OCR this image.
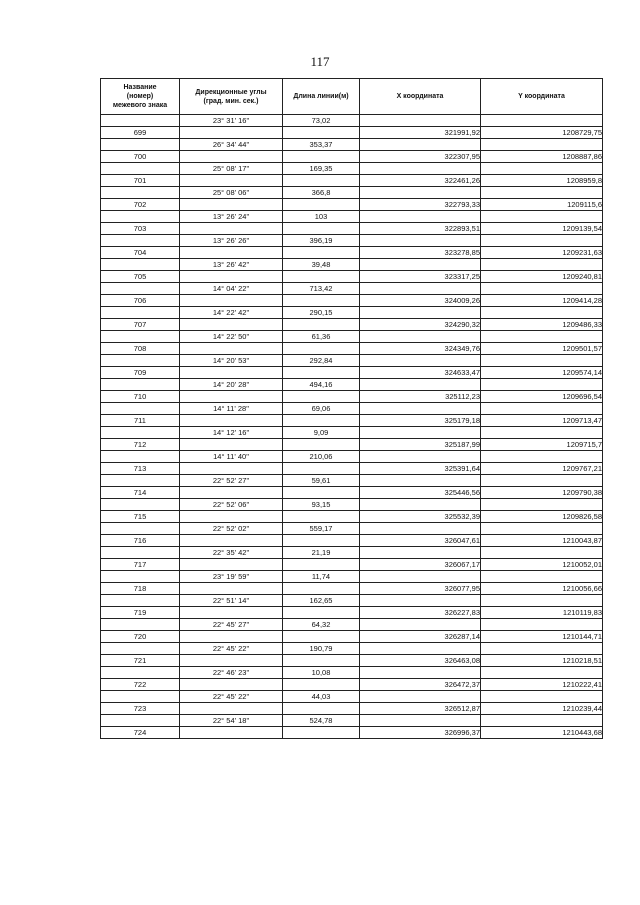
117
Название
(номер)
межевого знака	Дирекционные углы
(град. мин. сек.)	Длина линии(м)	X координата	Y координата
	23° 31' 16"	73,02		
699			321991,92	1208729,75
	26° 34' 44"	353,37		
700			322307,95	1208887,86
	25° 08' 17"	169,35		
701			322461,26	1208959,8
	25° 08' 06"	366,8		
702			322793,33	1209115,6
	13° 26' 24"	103		
703			322893,51	1209139,54
	13° 26' 26"	396,19		
704			323278,85	1209231,63
	13° 26' 42"	39,48		
705			323317,25	1209240,81
	14° 04' 22"	713,42		
706			324009,26	1209414,28
	14° 22' 42"	290,15		
707			324290,32	1209486,33
	14° 22' 50"	61,36		
708			324349,76	1209501,57
	14° 20' 53"	292,84		
709			324633,47	1209574,14
	14° 20' 28"	494,16		
710			325112,23	1209696,54
	14° 11' 28"	69,06		
711			325179,18	1209713,47
	14° 12' 16"	9,09		
712			325187,99	1209715,7
	14° 11' 40"	210,06		
713			325391,64	1209767,21
	22° 52' 27"	59,61		
714			325446,56	1209790,38
	22° 52' 06"	93,15		
715			325532,39	1209826,58
	22° 52' 02"	559,17		
716			326047,61	1210043,87
	22° 35' 42"	21,19		
717			326067,17	1210052,01
	23° 19' 59"	11,74		
718			326077,95	1210056,66
	22° 51' 14"	162,65		
719			326227,83	1210119,83
	22° 45' 27"	64,32		
720			326287,14	1210144,71
	22° 45' 22"	190,79		
721			326463,08	1210218,51
	22° 46' 23"	10,08		
722			326472,37	1210222,41
	22° 45' 22"	44,03		
723			326512,87	1210239,44
	22° 54' 18"	524,78		
724			326996,37	1210443,68
